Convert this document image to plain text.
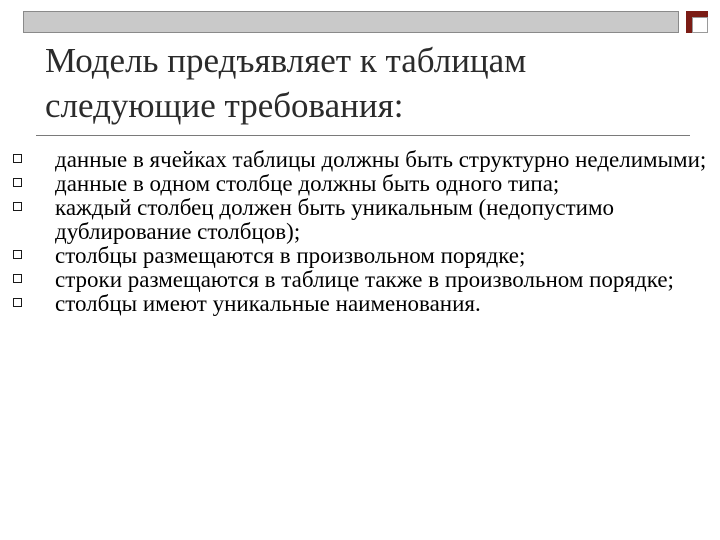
Модель предъявляет к таблицам
следующие требования:
данные в ячейках таблицы должны быть структурно неделимыми;
данные в одном столбце должны быть одного типа;
каждый столбец должен быть уникальным (недопустимо дублирование столбцов);
столбцы размещаются в произвольном порядке;
строки размещаются в таблице также в произвольном порядке;
столбцы имеют уникальные наименования.
